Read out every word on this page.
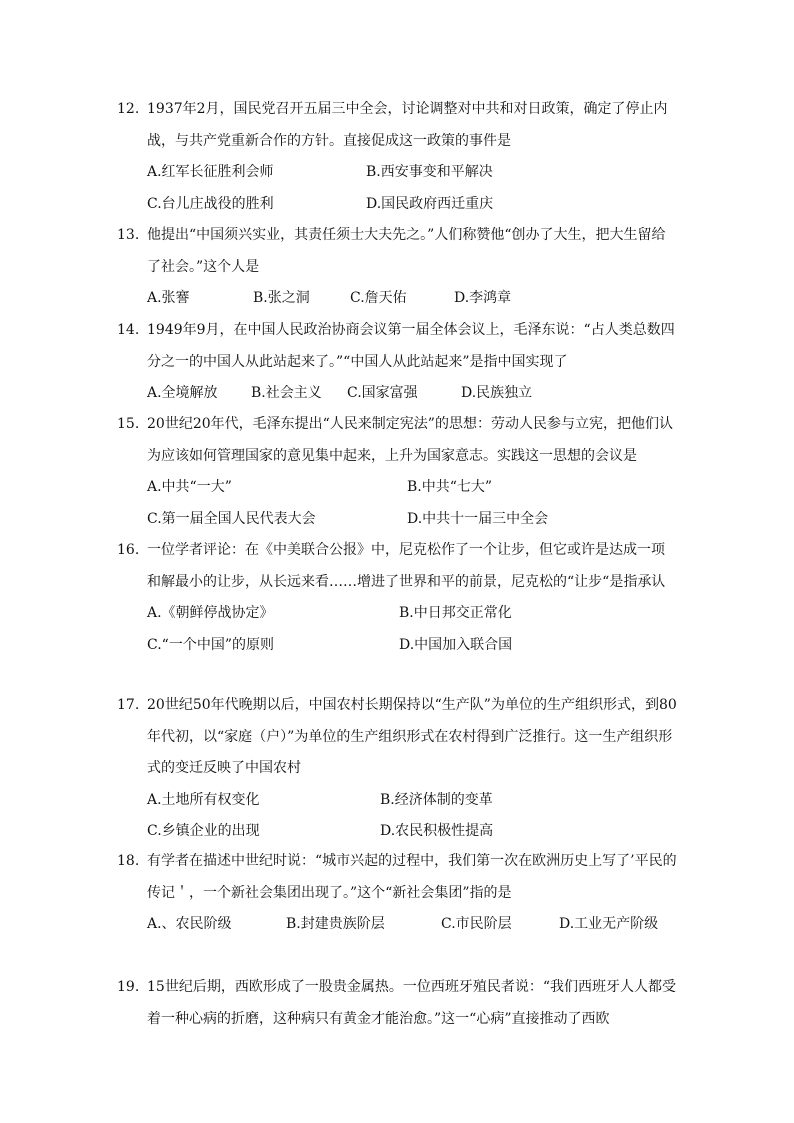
12. 1937年2月，国民党召开五届三中全会，讨论调整对中共和对日政策，确定了停止内战，与共产党重新合作的方针。直接促成这一政策的事件是
A.红军长征胜利会师	B.西安事变和平解决
C.台儿庄战役的胜利	D.国民政府西迁重庆
13. 他提出“中国须兴实业，其责任须士大夫先之。”人们称赞他“创办了大生，把大生留给了社会。”这个人是
A.张謇	B.张之洞	C.詹天佑	D.李鸿章
14. 1949年9月，在中国人民政治协商会议第一届全体会议上，毛泽东说：“占人类总数四分之一的中国人从此站起来了。”“中国人从此站起来”是指中国实现了
A.全境解放 B.社会主义 C.国家富强	D.民族独立
15. 20世纪20年代，毛泽东提出“人民来制定宪法”的思想：劳动人民参与立宪，把他们认为应该如何管理国家的意见集中起来，上升为国家意志。实践这一思想的会议是
A.中共“一大”	B.中共“七大”
C.第一届全国人民代表大会	D.中共十一届三中全会
16. 一位学者评论：在《中美联合公报》中，尼克松作了一个让步，但它或许是达成一项和解最小的让步，从长远来看……增进了世界和平的前景，尼克松的“让步“是指承认
A.《朝鲜停战协定》	B.中日邦交正常化
C.“一个中国”的原则	D.中国加入联合国
17. 20世纪50年代晚期以后，中国农村长期保持以“生产队”为单位的生产组织形式，到80年代初，以“家庭（户）”为单位的生产组织形式在农村得到广泛推行。这一生产组织形式的变迁反映了中国农村
A.土地所有权变化	B.经济体制的变革
C.乡镇企业的出现	D.农民积极性提高
18. 有学者在描述中世纪时说：“城市兴起的过程中，我们第一次在欧洲历史上写了’平民的传记＇，一个新社会集团出现了。”这个“新社会集团”指的是
A.、农民阶级	B.封建贵族阶层	C.市民阶层	D.工业无产阶级
19. 15世纪后期，西欧形成了一股贵金属热。一位西班牙殖民者说：“我们西班牙人人都受着一种心病的折磨，这种病只有黄金才能治愈。”这一“心病”直接推动了西欧
